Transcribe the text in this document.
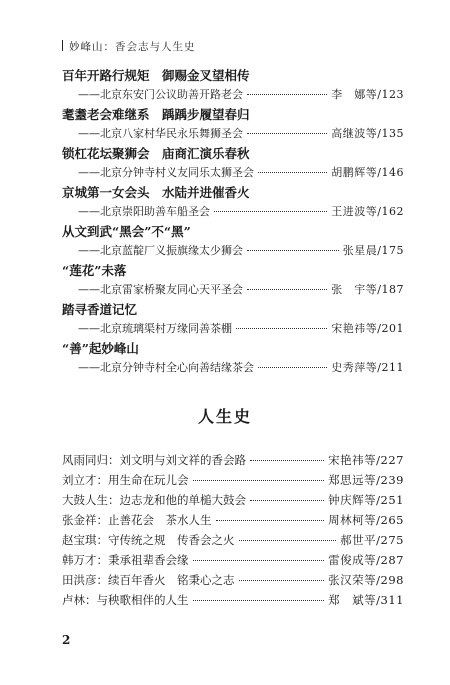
妙峰山：香会志与人生史
百年开路行规矩　御赐金叉望相传
——北京东安门公议助善开路老会	李　娜等/123
耄耋老会难继系　踽踽步履望春归
——北京八家村华民永乐舞狮圣会	高继波等/135
锁杠花坛聚狮会　庙商汇演乐春秋
——北京分钟寺村义友同乐太狮圣会	胡鹏辉等/146
京城第一女会头　水陆并进催香火
——北京崇阳助善车船圣会	王进波等/162
从文到武“黑会”不“黑”
——北京蓝靛厂义振旗缘太少狮会	张星晨/175
“莲花”未落
——北京雷家桥聚友同心天平圣会	张　宇等/187
踏寻香道记忆
——北京琉璃渠村万缘同善茶棚	宋艳祎等/201
“善”起妙峰山
——北京分钟寺村全心向善结缘茶会	史秀萍等/211
人生史
风雨同归：刘文明与刘文祥的香会路	宋艳祎等/227
刘立才：用生命在玩儿会	郑思远等/239
大鼓人生：边志龙和他的单槌大鼓会	钟庆辉等/251
张金祥：止善花会　茶水人生	周林柯等/265
赵宝琪：守传统之规　传香会之火	郝世平/275
韩万才：秉承祖辈香会缘	雷俊成等/287
田洪彦：续百年香火　铭秉心之志	张汉荣等/298
卢林：与秧歌相伴的人生	郑　斌等/311
2
